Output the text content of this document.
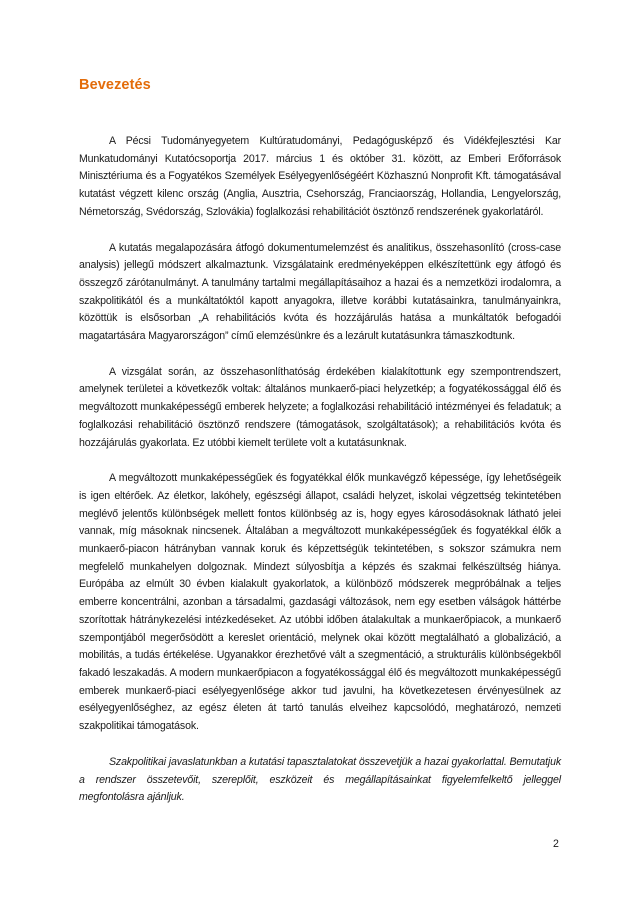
Bevezetés

A Pécsi Tudományegyetem Kultúratudományi, Pedagógusképző és Vidékfejlesztési Kar Munkatudományi Kutatócsoportja 2017. március 1 és október 31. között, az Emberi Erőforrások Minisztériuma és a Fogyatékos Személyek Esélyegyenlőségéért Közhasznú Nonprofit Kft. támogatásával kutatást végzett kilenc ország (Anglia, Ausztria, Csehország, Franciaország, Hollandia, Lengyelország, Németország, Svédország, Szlovákia) foglalkozási rehabilitációt ösztönző rendszerének gyakorlatáról.

A kutatás megalapozására átfogó dokumentumelemzést és analitikus, összehasonlító (cross-case analysis) jellegű módszert alkalmaztunk. Vizsgálataink eredményeképpen elkészítettünk egy átfogó és összegző zárótanulmányt. A tanulmány tartalmi megállapításaihoz a hazai és a nemzetközi irodalomra, a szakpolitikától és a munkáltatóktól kapott anyagokra, illetve korábbi kutatásainkra, tanulmányainkra, közöttük is elsősorban „A rehabilitációs kvóta és hozzájárulás hatása a munkáltatók befogadói magatartására Magyarországon” című elemzésünkre és a lezárult kutatásunkra támaszkodtunk.

A vizsgálat során, az összehasonlíthatóság érdekében kialakítottunk egy szempontrendszert, amelynek területei a következők voltak: általános munkaerő-piaci helyzetkép; a fogyatékossággal élő és megváltozott munkaképességű emberek helyzete; a foglalkozási rehabilitáció intézményei és feladatuk; a foglalkozási rehabilitáció ösztönző rendszere (támogatások, szolgáltatások); a rehabilitációs kvóta és hozzájárulás gyakorlata. Ez utóbbi kiemelt területe volt a kutatásunknak.

A megváltozott munkaképességűek és fogyatékkal élők munkavégző képessége, így lehetőségeik is igen eltérőek. Az életkor, lakóhely, egészségi állapot, családi helyzet, iskolai végzettség tekintetében meglévő jelentős különbségek mellett fontos különbség az is, hogy egyes károsodásoknak látható jelei vannak, míg másoknak nincsenek. Általában a megváltozott munkaképességűek és fogyatékkal élők a munkaerő-piacon hátrányban vannak koruk és képzettségük tekintetében, s sokszor számukra nem megfelelő munkahelyen dolgoznak. Mindezt súlyosbítja a képzés és szakmai felkészültség hiánya. Európába az elmúlt 30 évben kialakult gyakorlatok, a különböző módszerek megpróbálnak a teljes emberre koncentrálni, azonban a társadalmi, gazdasági változások, nem egy esetben válságok háttérbe szorítottak hátránykezelési intézkedéseket. Az utóbbi időben átalakultak a munkaerőpiacok, a munkaerő szempontjából megerősödött a kereslet orientáció, melynek okai között megtalálható a globalizáció, a mobilitás, a tudás értékelése. Ugyanakkor érezhetővé vált a szegmentáció, a strukturális különbségekből fakadó leszakadás. A modern munkaerőpiacon a fogyatékossággal élő és megváltozott munkaképességű emberek munkaerő-piaci esélyegyenlősége akkor tud javulni, ha következetesen érvényesülnek az esélyegyenlőséghez, az egész életen át tartó tanulás elveihez kapcsolódó, meghatározó, nemzeti szakpolitikai támogatások.

Szakpolitikai javaslatunkban a kutatási tapasztalatokat összevetjük a hazai gyakorlattal. Bemutatjuk a rendszer összetevőit, szereplőit, eszközeit és megállapításainkat figyelemfelkeltő jelleggel megfontolásra ajánljuk.

2
